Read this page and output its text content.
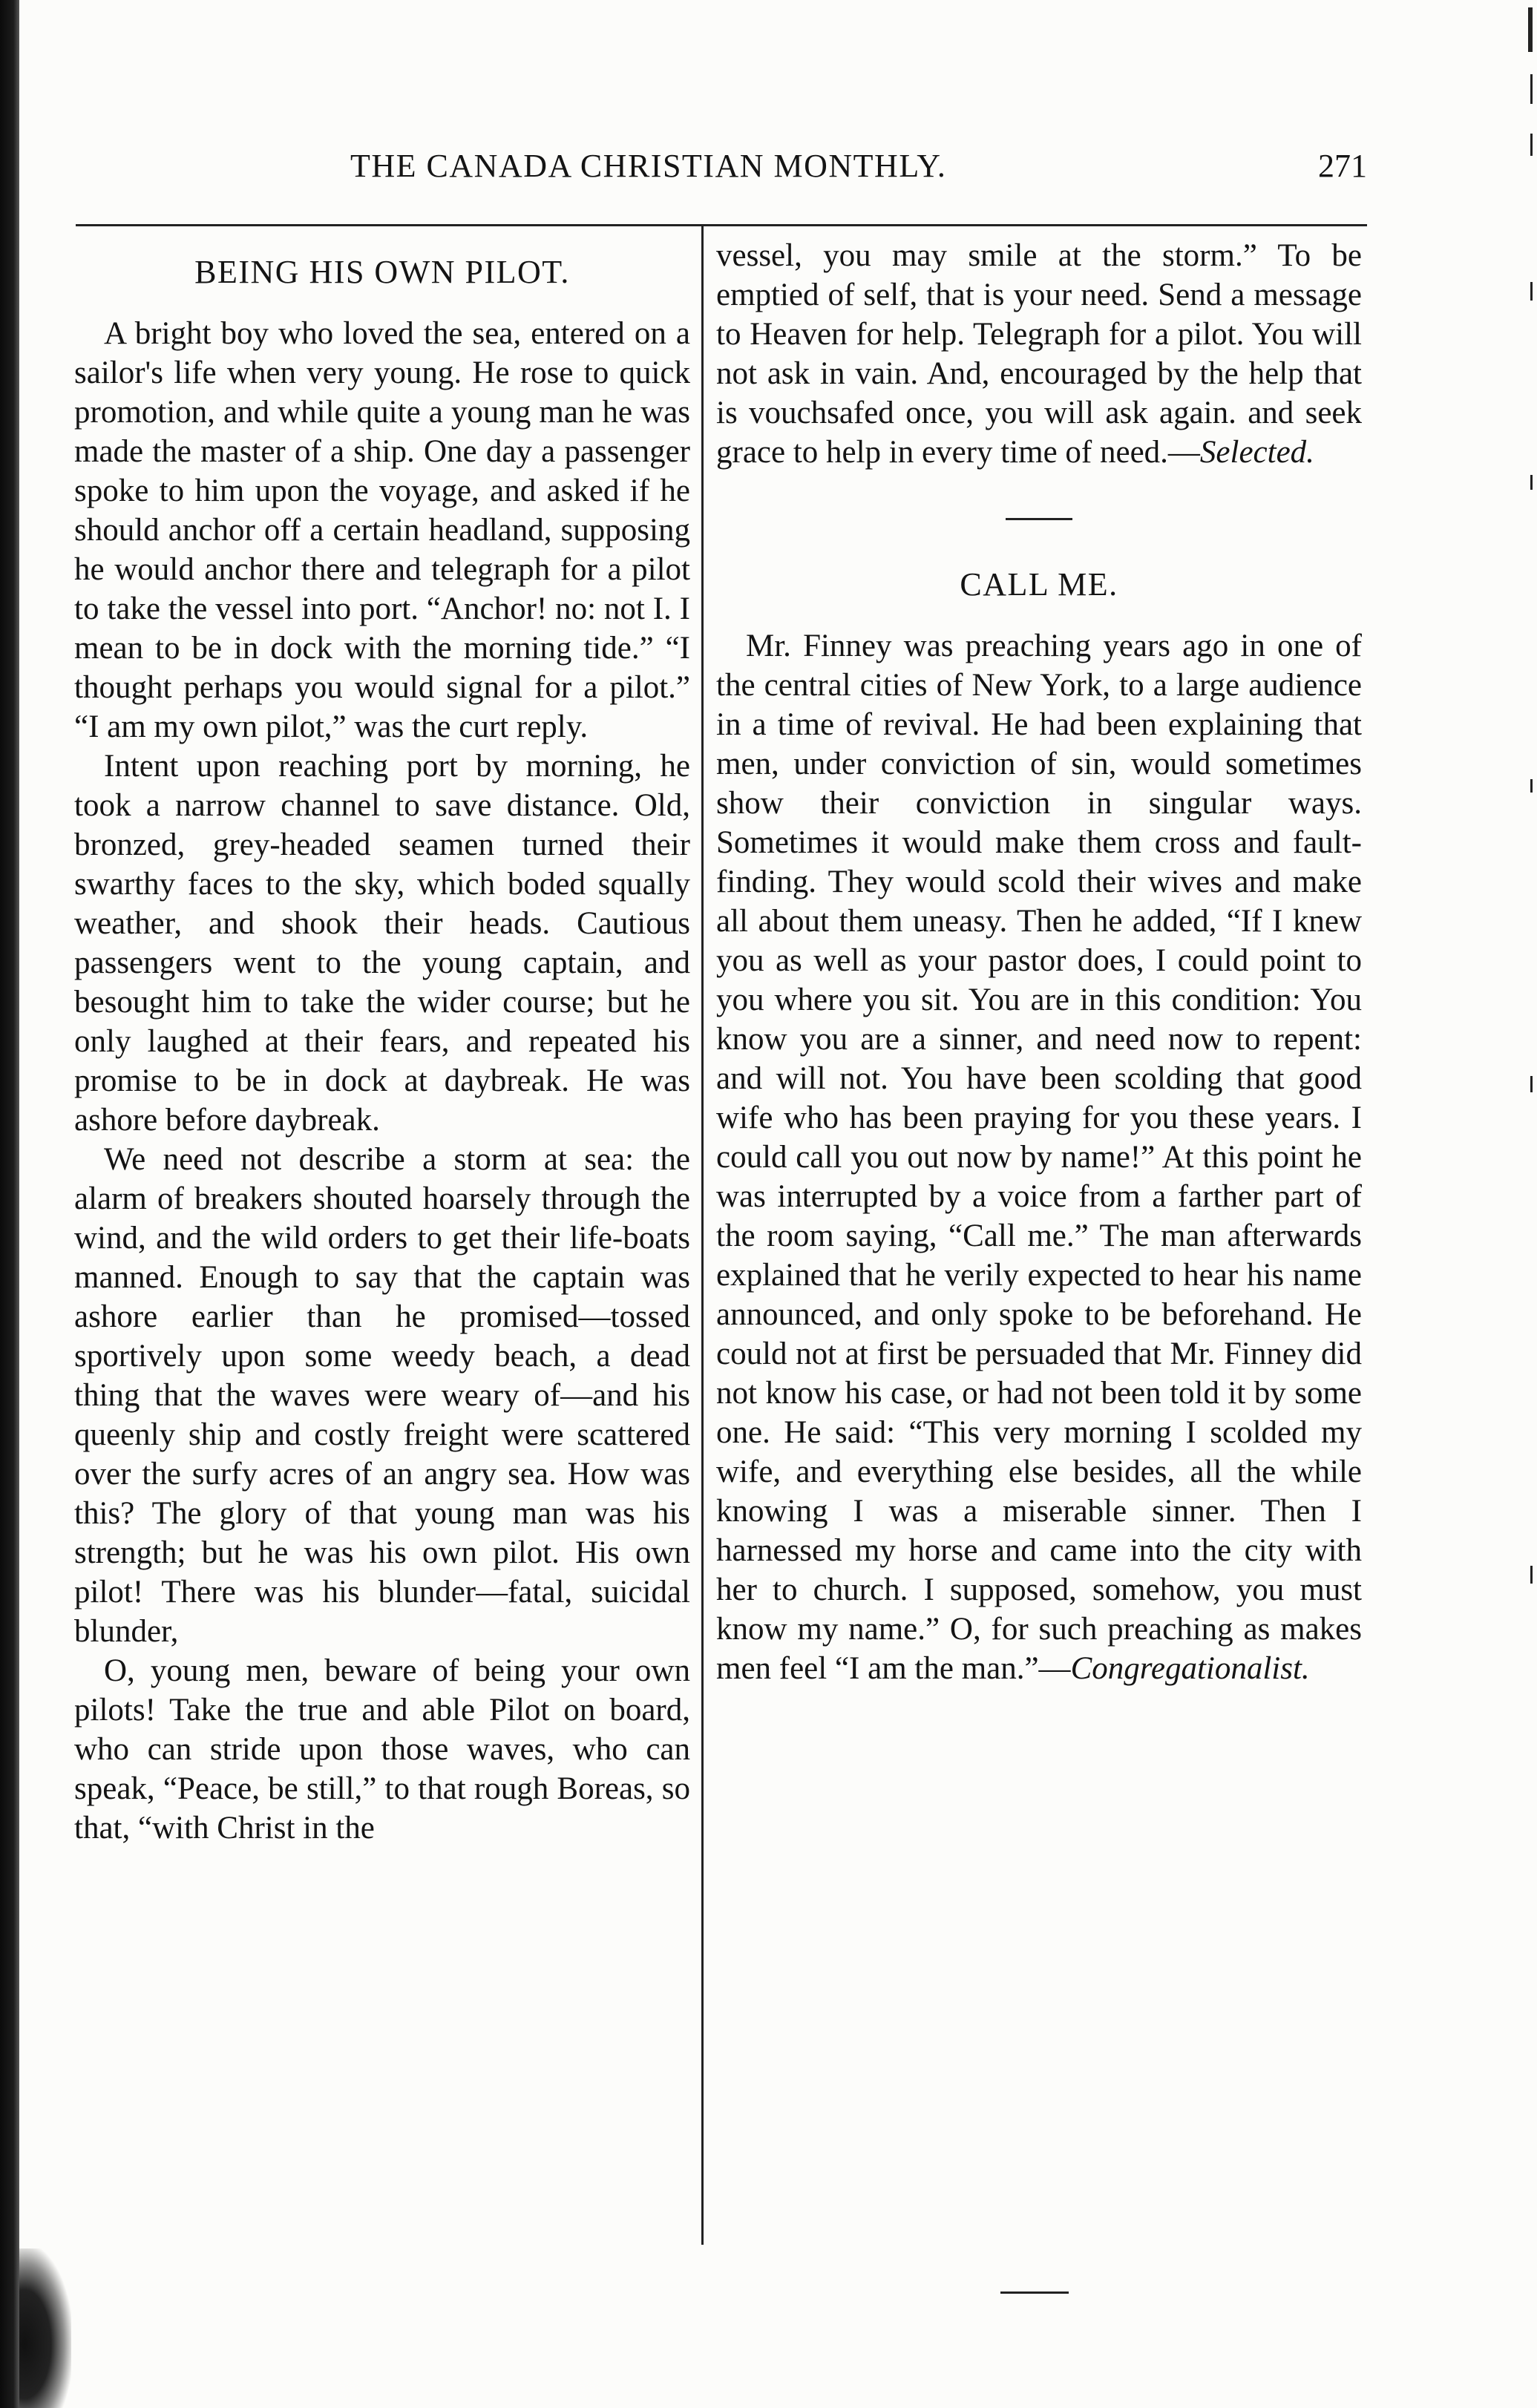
THE CANADA CHRISTIAN MONTHLY.	271
BEING HIS OWN PILOT.

A bright boy who loved the sea, entered on a sailor's life when very young. He rose to quick promotion, and while quite a young man he was made the master of a ship. One day a passenger spoke to him upon the voyage, and asked if he should anchor off a certain headland, supposing he would anchor there and telegraph for a pilot to take the vessel into port. “Anchor! no: not I. I mean to be in dock with the morning tide.” “I thought perhaps you would signal for a pilot.” “I am my own pilot,” was the curt reply.

Intent upon reaching port by morning, he took a narrow channel to save distance. Old, bronzed, grey-headed seamen turned their swarthy faces to the sky, which boded squally weather, and shook their heads. Cautious passengers went to the young captain, and besought him to take the wider course; but he only laughed at their fears, and repeated his promise to be in dock at daybreak. He was ashore before daybreak.

We need not describe a storm at sea: the alarm of breakers shouted hoarsely through the wind, and the wild orders to get their life-boats manned. Enough to say that the captain was ashore earlier than he promised—tossed sportively upon some weedy beach, a dead thing that the waves were weary of—and his queenly ship and costly freight were scattered over the surfy acres of an angry sea. How was this? The glory of that young man was his strength; but he was his own pilot. His own pilot! There was his blunder—fatal, suicidal blunder,

O, young men, beware of being your own pilots! Take the true and able Pilot on board, who can stride upon those waves, who can speak, “Peace, be still,” to that rough Boreas, so that, “with Christ in the

vessel, you may smile at the storm.” To be emptied of self, that is your need. Send a message to Heaven for help. Telegraph for a pilot. You will not ask in vain. And, encouraged by the help that is vouchsafed once, you will ask again. and seek grace to help in every time of need.—Selected.

CALL ME.

Mr. Finney was preaching years ago in one of the central cities of New York, to a large audience in a time of revival. He had been explaining that men, under conviction of sin, would sometimes show their conviction in singular ways. Sometimes it would make them cross and fault-finding. They would scold their wives and make all about them uneasy. Then he added, “If I knew you as well as your pastor does, I could point to you where you sit. You are in this condition: You know you are a sinner, and need now to repent: and will not. You have been scolding that good wife who has been praying for you these years. I could call you out now by name!” At this point he was interrupted by a voice from a farther part of the room saying, “Call me.” The man afterwards explained that he verily expected to hear his name announced, and only spoke to be beforehand. He could not at first be persuaded that Mr. Finney did not know his case, or had not been told it by some one. He said: “This very morning I scolded my wife, and everything else besides, all the while knowing I was a miserable sinner. Then I harnessed my horse and came into the city with her to church. I supposed, somehow, you must know my name.” O, for such preaching as makes men feel “I am the man.”—Congregationalist.
